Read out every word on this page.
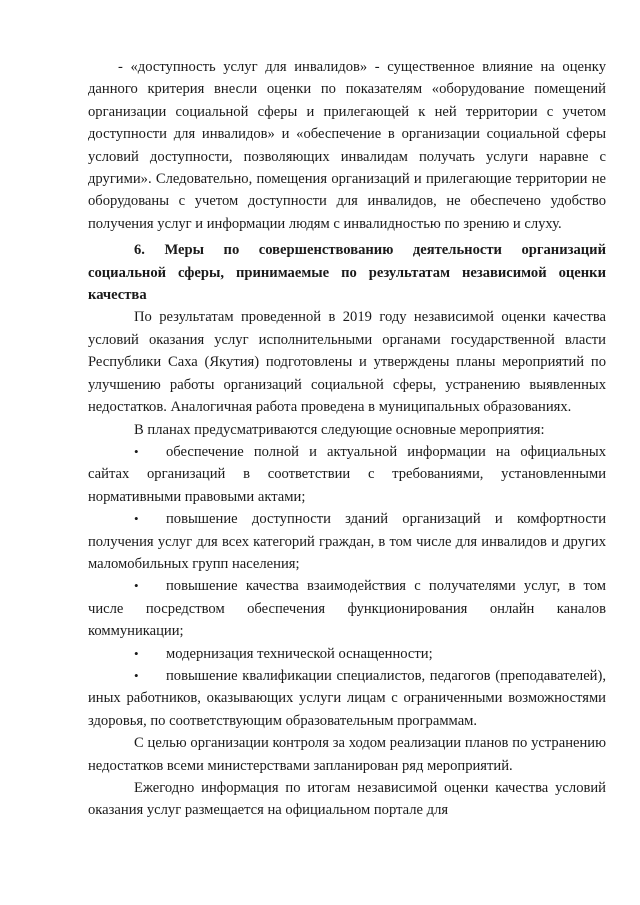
- «доступность услуг для инвалидов» - существенное влияние на оценку данного критерия внесли оценки по показателям «оборудование помещений организации социальной сферы и прилегающей к ней территории с учетом доступности для инвалидов» и «обеспечение в организации социальной сферы условий доступности, позволяющих инвалидам получать услуги наравне с другими». Следовательно, помещения организаций и прилегающие территории не оборудованы с учетом доступности для инвалидов, не обеспечено удобство получения услуг и информации людям с инвалидностью по зрению и слуху.

6. Меры по совершенствованию деятельности организаций социальной сферы, принимаемые по результатам независимой оценки качества

По результатам проведенной в 2019 году независимой оценки качества условий оказания услуг исполнительными органами государственной власти Республики Саха (Якутия) подготовлены и утверждены планы мероприятий по улучшению работы организаций социальной сферы, устранению выявленных недостатков. Аналогичная работа проведена в муниципальных образованиях.

В планах предусматриваются следующие основные мероприятия:

• обеспечение полной и актуальной информации на официальных сайтах организаций в соответствии с требованиями, установленными нормативными правовыми актами;
• повышение доступности зданий организаций и комфортности получения услуг для всех категорий граждан, в том числе для инвалидов и других маломобильных групп населения;
• повышение качества взаимодействия с получателями услуг, в том числе посредством обеспечения функционирования онлайн каналов коммуникации;
• модернизация технической оснащенности;
• повышение квалификации специалистов, педагогов (преподавателей), иных работников, оказывающих услуги лицам с ограниченными возможностями здоровья, по соответствующим образовательным программам.

С целью организации контроля за ходом реализации планов по устранению недостатков всеми министерствами запланирован ряд мероприятий.

Ежегодно информация по итогам независимой оценки качества условий оказания услуг размещается на официальном портале для
